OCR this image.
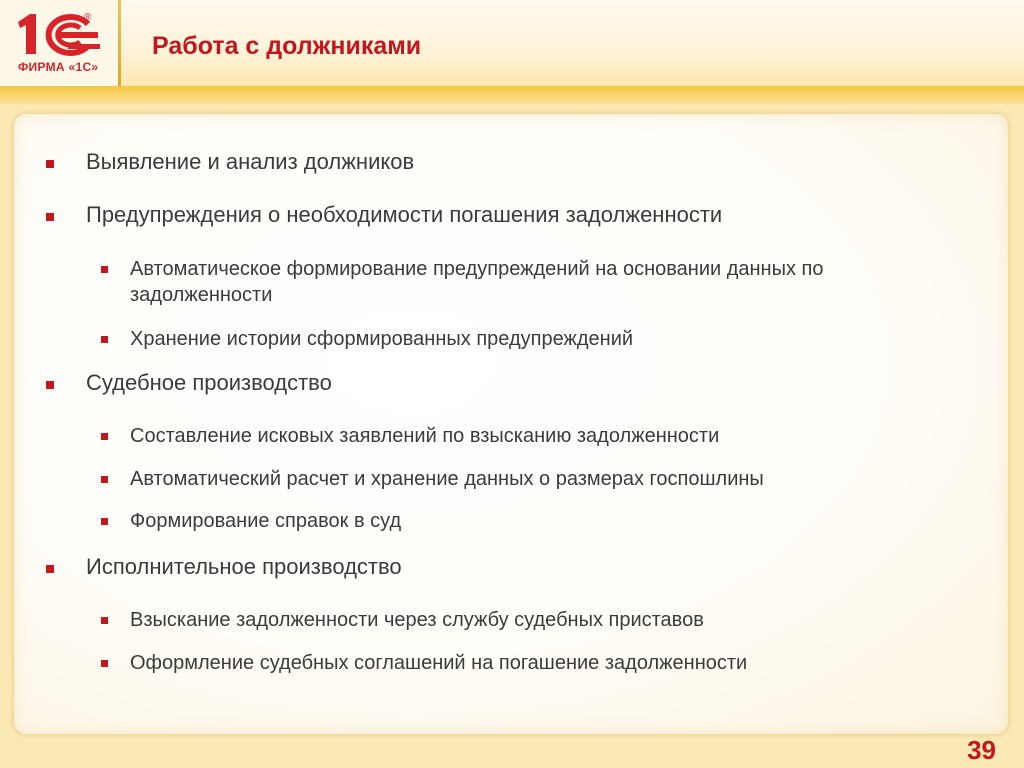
®
ФИРМА «1С»
Работа с должниками
Выявление и анализ должников
Предупреждения о необходимости погашения задолженности
Автоматическое формирование предупреждений на основании данных по задолженности
Хранение истории сформированных предупреждений
Судебное производство
Составление исковых заявлений по взысканию задолженности
Автоматический расчет и хранение данных о размерах госпошлины
Формирование справок в суд
Исполнительное производство
Взыскание задолженности через службу судебных приставов
Оформление судебных соглашений на погашение задолженности
39
